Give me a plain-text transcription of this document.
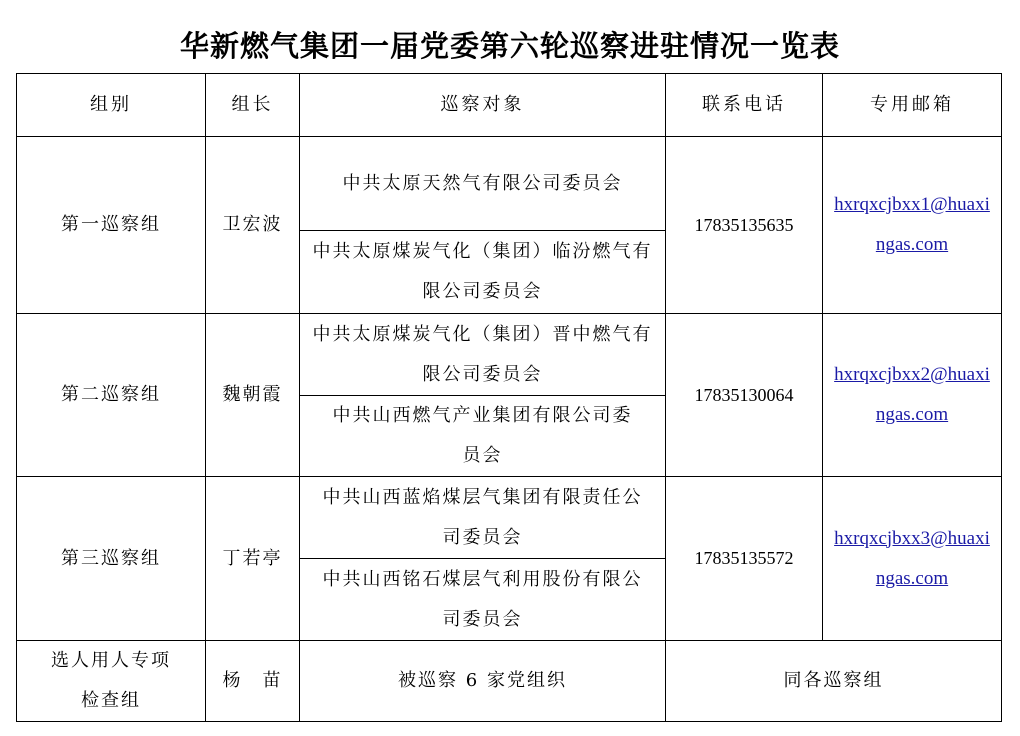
华新燃气集团一届党委第六轮巡察进驻情况一览表
组别	组长	巡察对象	联系电话	专用邮箱
第一巡察组	卫宏波	中共太原天然气有限公司委员会	17835135635	hxrqxcjbxx1@huaxingas.com
		中共太原煤炭气化（集团）临汾燃气有限公司委员会		
第二巡察组	魏朝霞	中共太原煤炭气化（集团）晋中燃气有限公司委员会	17835130064	hxrqxcjbxx2@huaxingas.com
		中共山西燃气产业集团有限公司委员会		
第三巡察组	丁若亭	中共山西蓝焰煤层气集团有限责任公司委员会	17835135572	hxrqxcjbxx3@huaxingas.com
		中共山西铭石煤层气利用股份有限公司委员会		
选人用人专项检查组	杨　苗	被巡察 6 家党组织	同各巡察组	
